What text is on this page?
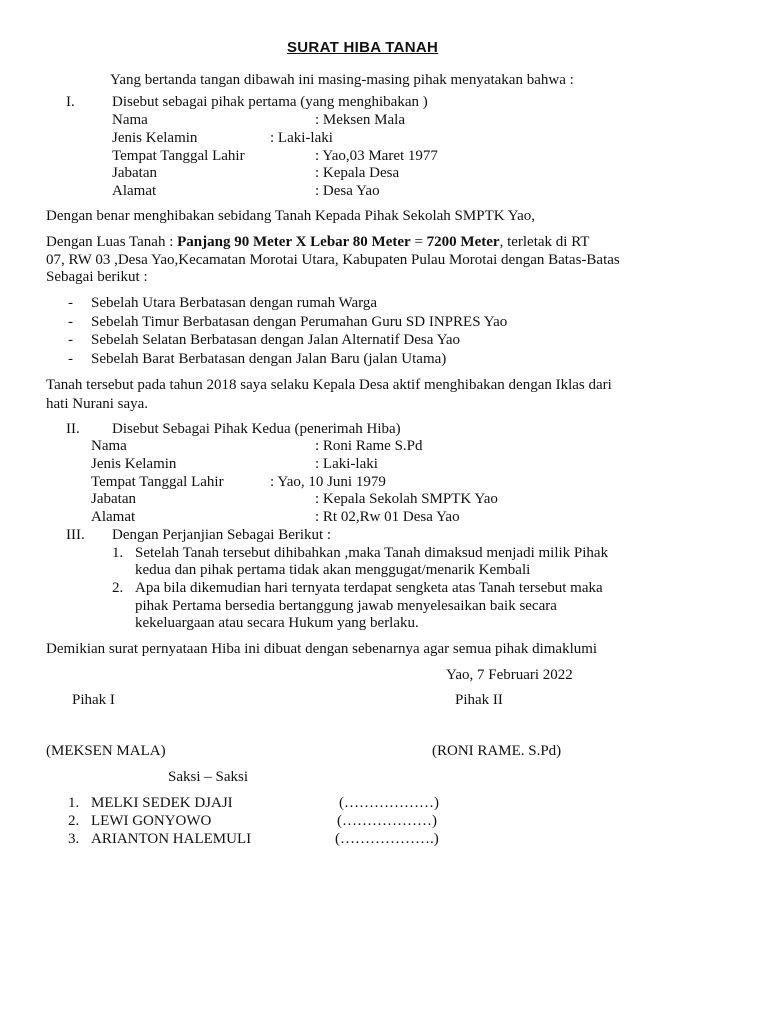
SURAT HIBA TANAH
Yang bertanda tangan dibawah ini masing-masing pihak menyatakan bahwa :
I. Disebut sebagai pihak pertama (yang menghibakan )
Nama	: Meksen Mala
Jenis Kelamin	: Laki-laki
Tempat Tanggal Lahir	: Yao,03 Maret 1977
Jabatan	: Kepala Desa
Alamat	: Desa Yao
Dengan benar menghibakan sebidang Tanah Kepada Pihak Sekolah SMPTK Yao,
Dengan Luas Tanah : Panjang 90 Meter X Lebar 80 Meter = 7200 Meter, terletak di RT
07, RW 03 ,Desa Yao,Kecamatan Morotai Utara, Kabupaten Pulau Morotai dengan Batas-Batas
Sebagai berikut :
- Sebelah Utara Berbatasan dengan rumah Warga
- Sebelah Timur Berbatasan dengan Perumahan Guru SD INPRES Yao
- Sebelah Selatan Berbatasan dengan Jalan Alternatif Desa Yao
- Sebelah Barat Berbatasan dengan Jalan Baru (jalan Utama)
Tanah tersebut pada tahun 2018 saya selaku Kepala Desa aktif menghibakan dengan Iklas dari
hati Nurani saya.
II. Disebut Sebagai Pihak Kedua (penerimah Hiba)
Nama	: Roni Rame S.Pd
Jenis Kelamin	: Laki-laki
Tempat Tanggal Lahir	: Yao, 10 Juni 1979
Jabatan	: Kepala Sekolah SMPTK Yao
Alamat	: Rt 02,Rw 01 Desa Yao
III. Dengan Perjanjian Sebagai Berikut :
1. Setelah Tanah tersebut dihibahkan ,maka Tanah dimaksud menjadi milik Pihak
kedua dan pihak pertama tidak akan menggugat/menarik Kembali
2. Apa bila dikemudian hari ternyata terdapat sengketa atas Tanah tersebut maka
pihak Pertama bersedia bertanggung jawab menyelesaikan baik secara
kekeluargaan atau secara Hukum yang berlaku.
Demikian surat pernyataan Hiba ini dibuat dengan sebenarnya agar semua pihak dimaklumi
Yao, 7 Februari 2022
Pihak I	Pihak II
(MEKSEN MALA)	(RONI RAME. S.Pd)
Saksi – Saksi
1. MELKI SEDEK DJAJI	(………………)
2. LEWI GONYOWO	(………………)
3. ARIANTON HALEMULI	(……………….)
